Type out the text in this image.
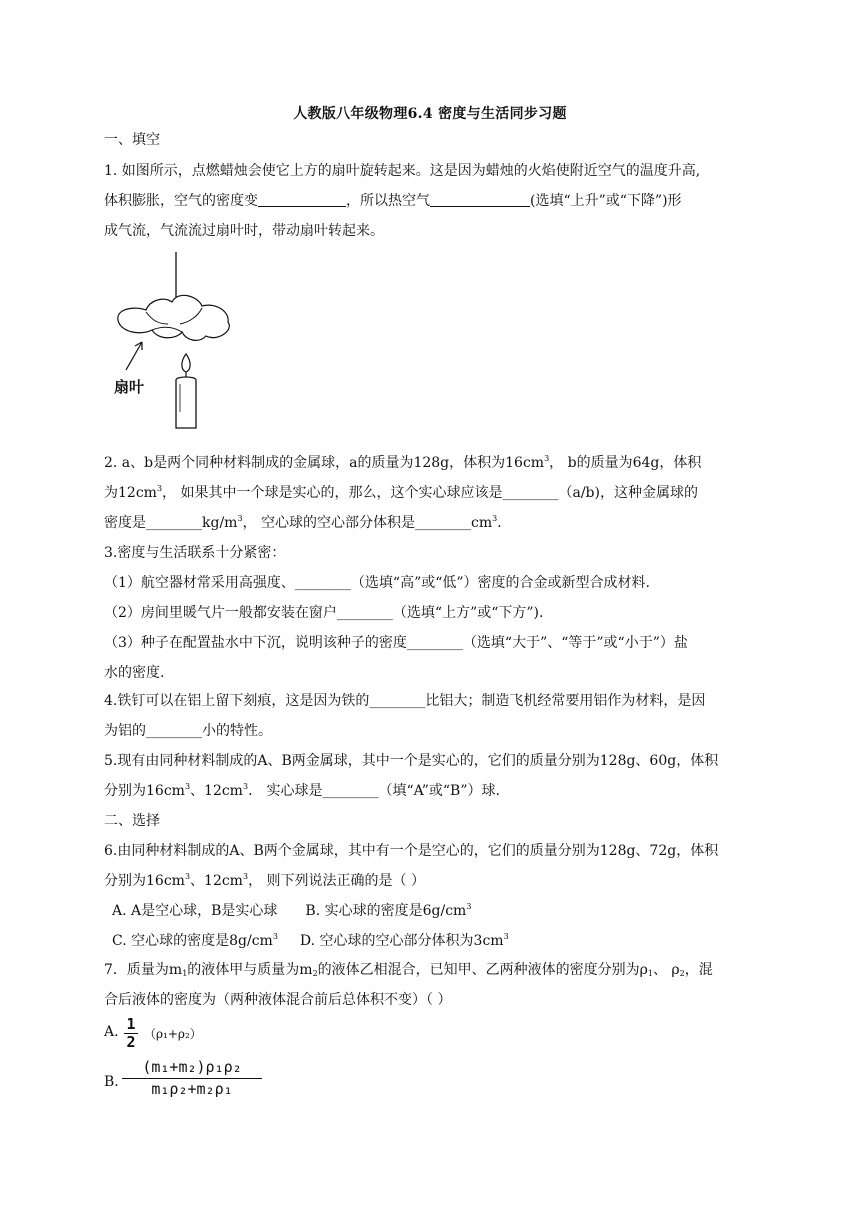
人教版八年级物理6.4 密度与生活同步习题
一、填空
1. 如图所示，点燃蜡烛会使它上方的扇叶旋转起来。这是因为蜡烛的火焰使附近空气的温度升高,
体积膨胀，空气的密度变	，所以热空气	(选填“上升”或“下降”)形
成气流，气流流过扇叶时，带动扇叶转起来。
扇叶
2. a、b是两个同种材料制成的金属球，a的质量为128g，体积为$16cm^3$， b的质量为64g，体积
为$12cm^3$， 如果其中一个球是实心的，那么，这个实心球应该是________（a/b)，这种金属球的
密度是$\_\_\_\_\_\_\_\_kg/m^3$， 空心球的空心部分体积是$\_\_\_\_\_\_\_\_cm^3$．
3.密度与生活联系十分紧密：
（1）航空器材常采用高强度、________（选填“高”或“低”）密度的合金或新型合成材料.
（2）房间里暖气片一般都安装在窗户________（选填“上方”或“下方”).
（3）种子在配置盐水中下沉，说明该种子的密度________（选填“大于”、“等于”或“小于”）盐
水的密度.
4.铁钉可以在铝上留下刻痕，这是因为铁的________比铝大；制造飞机经常要用铝作为材料，是因
为铝的________小的特性。
5.现有由同种材料制成的A、B两金属球，其中一个是实心的，它们的质量分别为128g、60g，体积
分别为$16cm^3$、$12cm^3$． 实心球是________（填“A”或“B”）球.
二、选择
6.由同种材料制成的A、B两个金属球，其中有一个是空心的，它们的质量分别为128g、72g，体积
分别为$16cm^3$、$12cm^3$， 则下列说法正确的是（ ）
A. A是空心球，B是实心球 B. 实心球的密度是$6g/cm^3$
C. 空心球的密度是$8g/cm^3$ D. 空心球的空心部分体积为$3cm^3$
7．质量为$m_1$的液体甲与质量为$m_2$的液体乙相混合，已知甲、乙两种液体的密度分别为$\rho_1$、 $\rho_2$，混
合后液体的密度为（两种液体混合前后总体积不变）（ ）
A. 1
2 （ρ₁+ρ₂）
B.
(m₁+m₂)ρ₁ρ₂
m₁ρ₂+m₂ρ₁
